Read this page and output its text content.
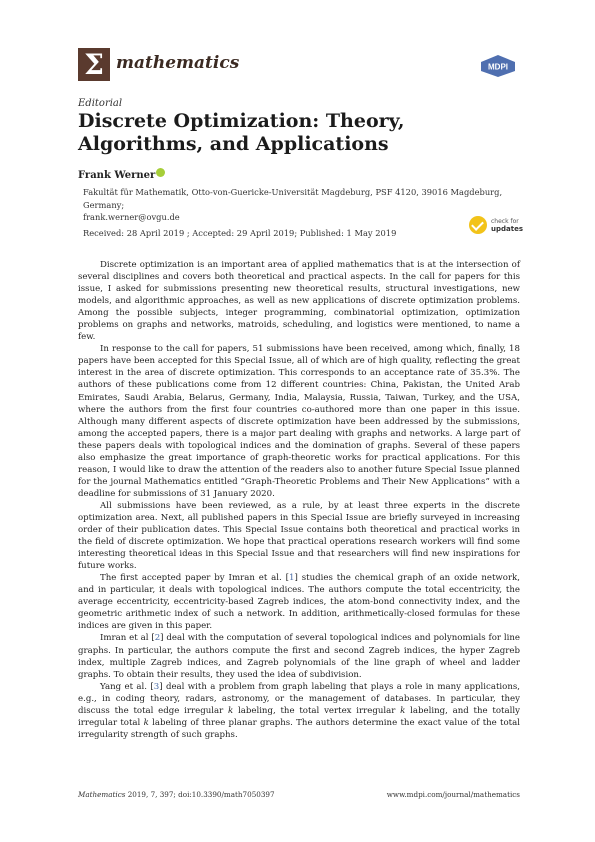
Σ mathematics	MDPI
Editorial
Discrete Optimization: Theory, Algorithms, and Applications
Frank Werner
Fakultät für Mathematik, Otto-von-Guericke-Universität Magdeburg, PSF 4120, 39016 Magdeburg, Germany;
frank.werner@ovgu.de
Received: 28 April 2019 ; Accepted: 29 April 2019; Published: 1 May 2019
check for
updates

Discrete optimization is an important area of applied mathematics that is at the intersection of several disciplines and covers both theoretical and practical aspects. In the call for papers for this issue, I asked for submissions presenting new theoretical results, structural investigations, new models, and algorithmic approaches, as well as new applications of discrete optimization problems. Among the possible subjects, integer programming, combinatorial optimization, optimization problems on graphs and networks, matroids, scheduling, and logistics were mentioned, to name a few.

In response to the call for papers, 51 submissions have been received, among which, finally, 18 papers have been accepted for this Special Issue, all of which are of high quality, reflecting the great interest in the area of discrete optimization. This corresponds to an acceptance rate of 35.3%. The authors of these publications come from 12 different countries: China, Pakistan, the United Arab Emirates, Saudi Arabia, Belarus, Germany, India, Malaysia, Russia, Taiwan, Turkey, and the USA, where the authors from the first four countries co-authored more than one paper in this issue. Although many different aspects of discrete optimization have been addressed by the submissions, among the accepted papers, there is a major part dealing with graphs and networks. A large part of these papers deals with topological indices and the domination of graphs. Several of these papers also emphasize the great importance of graph-theoretic works for practical applications. For this reason, I would like to draw the attention of the readers also to another future Special Issue planned for the journal Mathematics entitled “Graph-Theoretic Problems and Their New Applications” with a deadline for submissions of 31 January 2020.

All submissions have been reviewed, as a rule, by at least three experts in the discrete optimization area. Next, all published papers in this Special Issue are briefly surveyed in increasing order of their publication dates. This Special Issue contains both theoretical and practical works in the field of discrete optimization. We hope that practical operations research workers will find some interesting theoretical ideas in this Special Issue and that researchers will find new inspirations for future works.

The first accepted paper by Imran et al. [1] studies the chemical graph of an oxide network, and in particular, it deals with topological indices. The authors compute the total eccentricity, the average eccentricity, eccentricity-based Zagreb indices, the atom-bond connectivity index, and the geometric arithmetic index of such a network. In addition, arithmetically-closed formulas for these indices are given in this paper.

Imran et al [2] deal with the computation of several topological indices and polynomials for line graphs. In particular, the authors compute the first and second Zagreb indices, the hyper Zagreb index, multiple Zagreb indices, and Zagreb polynomials of the line graph of wheel and ladder graphs. To obtain their results, they used the idea of subdivision.

Yang et al. [3] deal with a problem from graph labeling that plays a role in many applications, e.g., in coding theory, radars, astronomy, or the management of databases. In particular, they discuss the total edge irregular k labeling, the total vertex irregular k labeling, and the totally irregular total k labeling of three planar graphs. The authors determine the exact value of the total irregularity strength of such graphs.

Mathematics 2019, 7, 397; doi:10.3390/math7050397	www.mdpi.com/journal/mathematics
